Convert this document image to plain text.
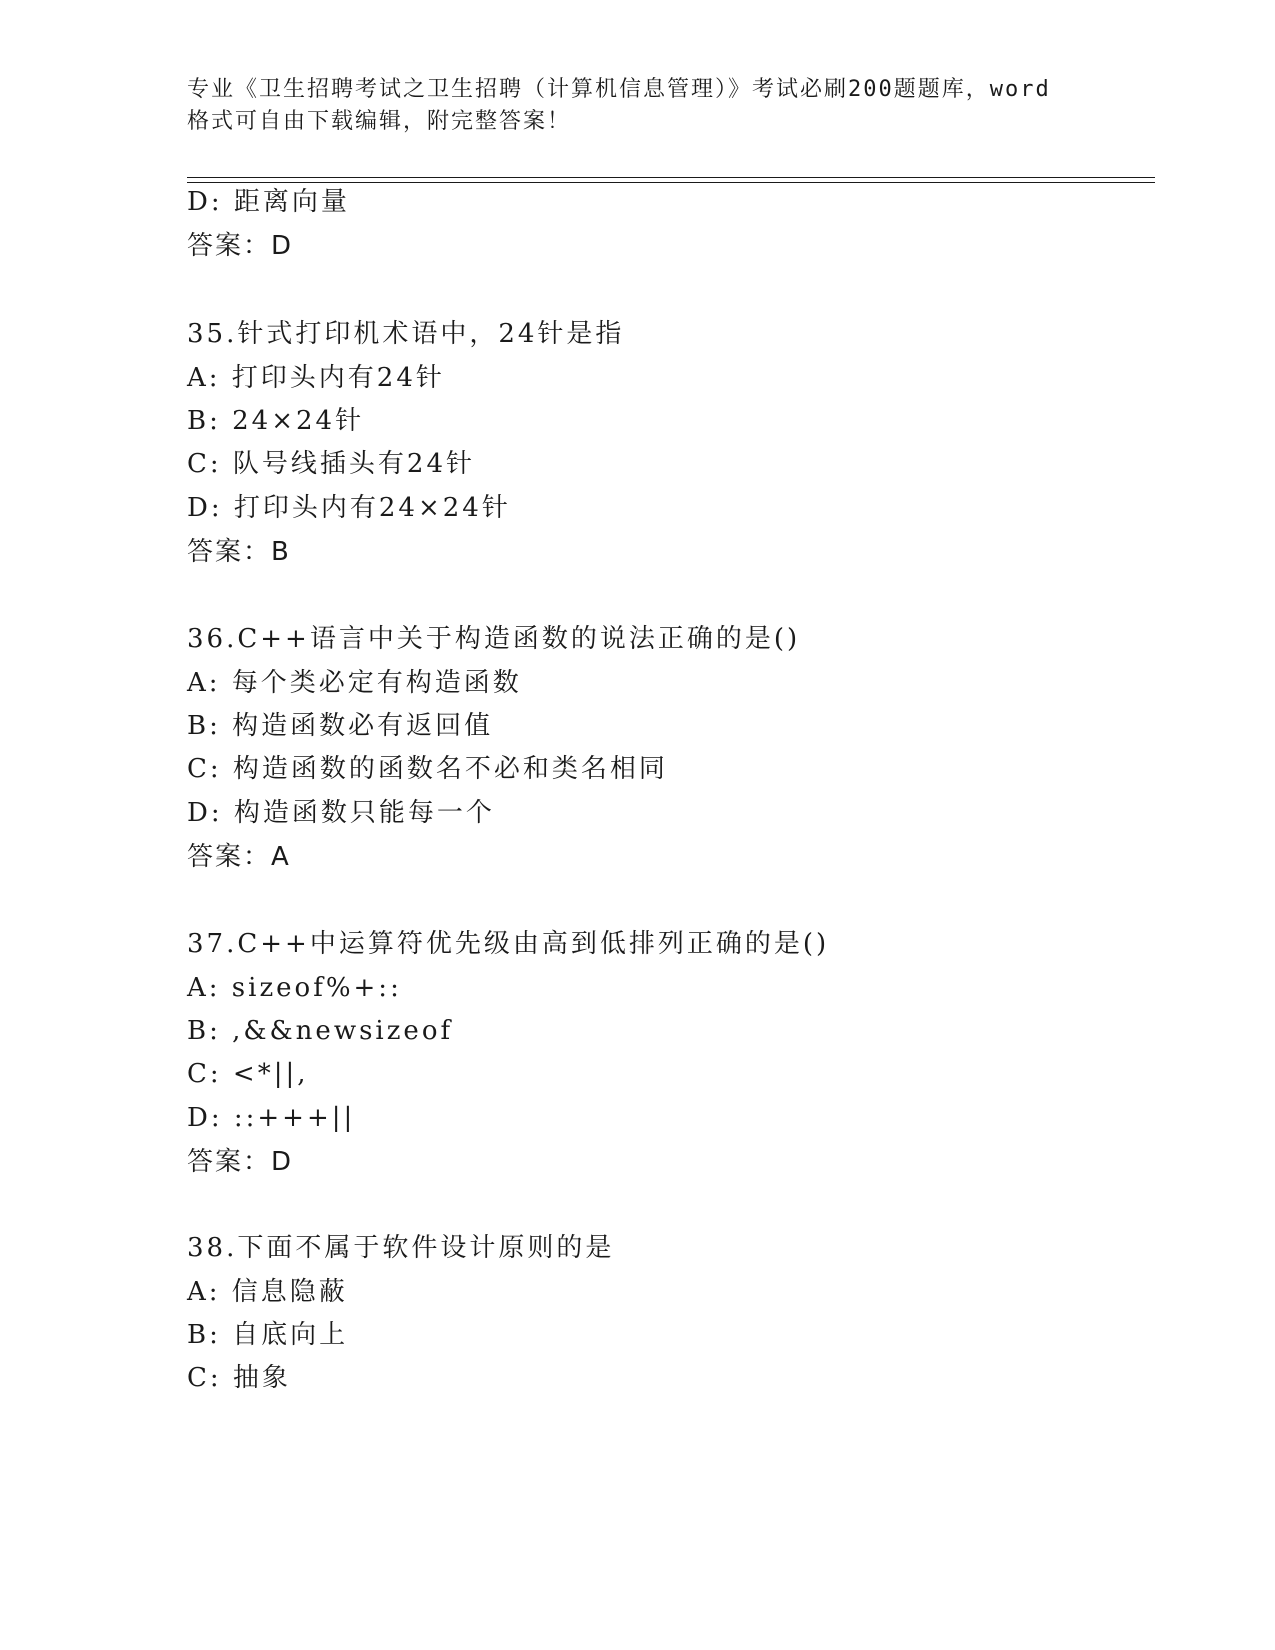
专业《卫生招聘考试之卫生招聘（计算机信息管理）》考试必刷200题题库，word
格式可自由下载编辑，附完整答案！
D: 距离向量
答案：D
35.针式打印机术语中，24针是指
A: 打印头内有24针
B: 24×24针
C: 队号线插头有24针
D: 打印头内有24×24针
答案：B
36.C++语言中关于构造函数的说法正确的是()
A: 每个类必定有构造函数
B: 构造函数必有返回值
C: 构造函数的函数名不必和类名相同
D: 构造函数只能每一个
答案：A
37.C++中运算符优先级由高到低排列正确的是()
A: sizeof%+::
B: ,&&newsizeof
C: <*||,
D: ::+++||
答案：D
38.下面不属于软件设计原则的是
A: 信息隐蔽
B: 自底向上
C: 抽象
